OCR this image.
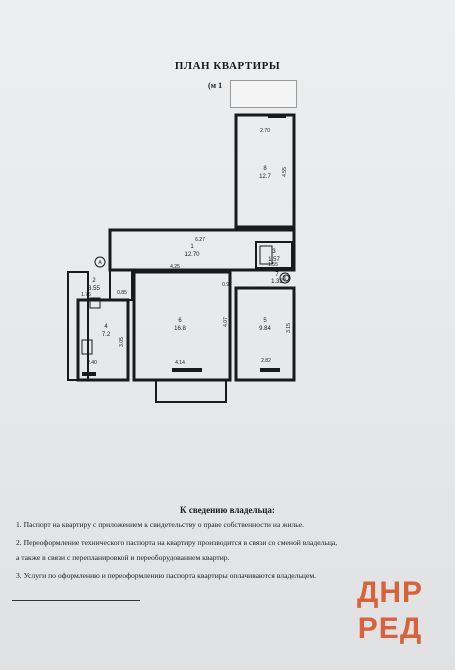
ПЛАН КВАРТИРЫ
(м 1
A
6
2.70
4.55
6.27
4.25
4.14
2.40	2.82
3.05
1.76
4.07
3.15
0.85
1.55
0.97
1
12.70
2
3.55
3
1.57
4
7.2
5
9.84
6
16.8
7
1.32
8
12.7
К сведению владельца:
1. Паспорт на квартиру с приложением к свидетельству о праве собственности на жилье.
2. Переоформление технического паспорта на квартиру производится в связи со сменой владельца,
а также в связи с перепланировкой и переоборудованием квартир.
3. Услуги по оформлению и переоформлению паспорта квартиры оплачиваются владельцем.
ДНР
РЕД
